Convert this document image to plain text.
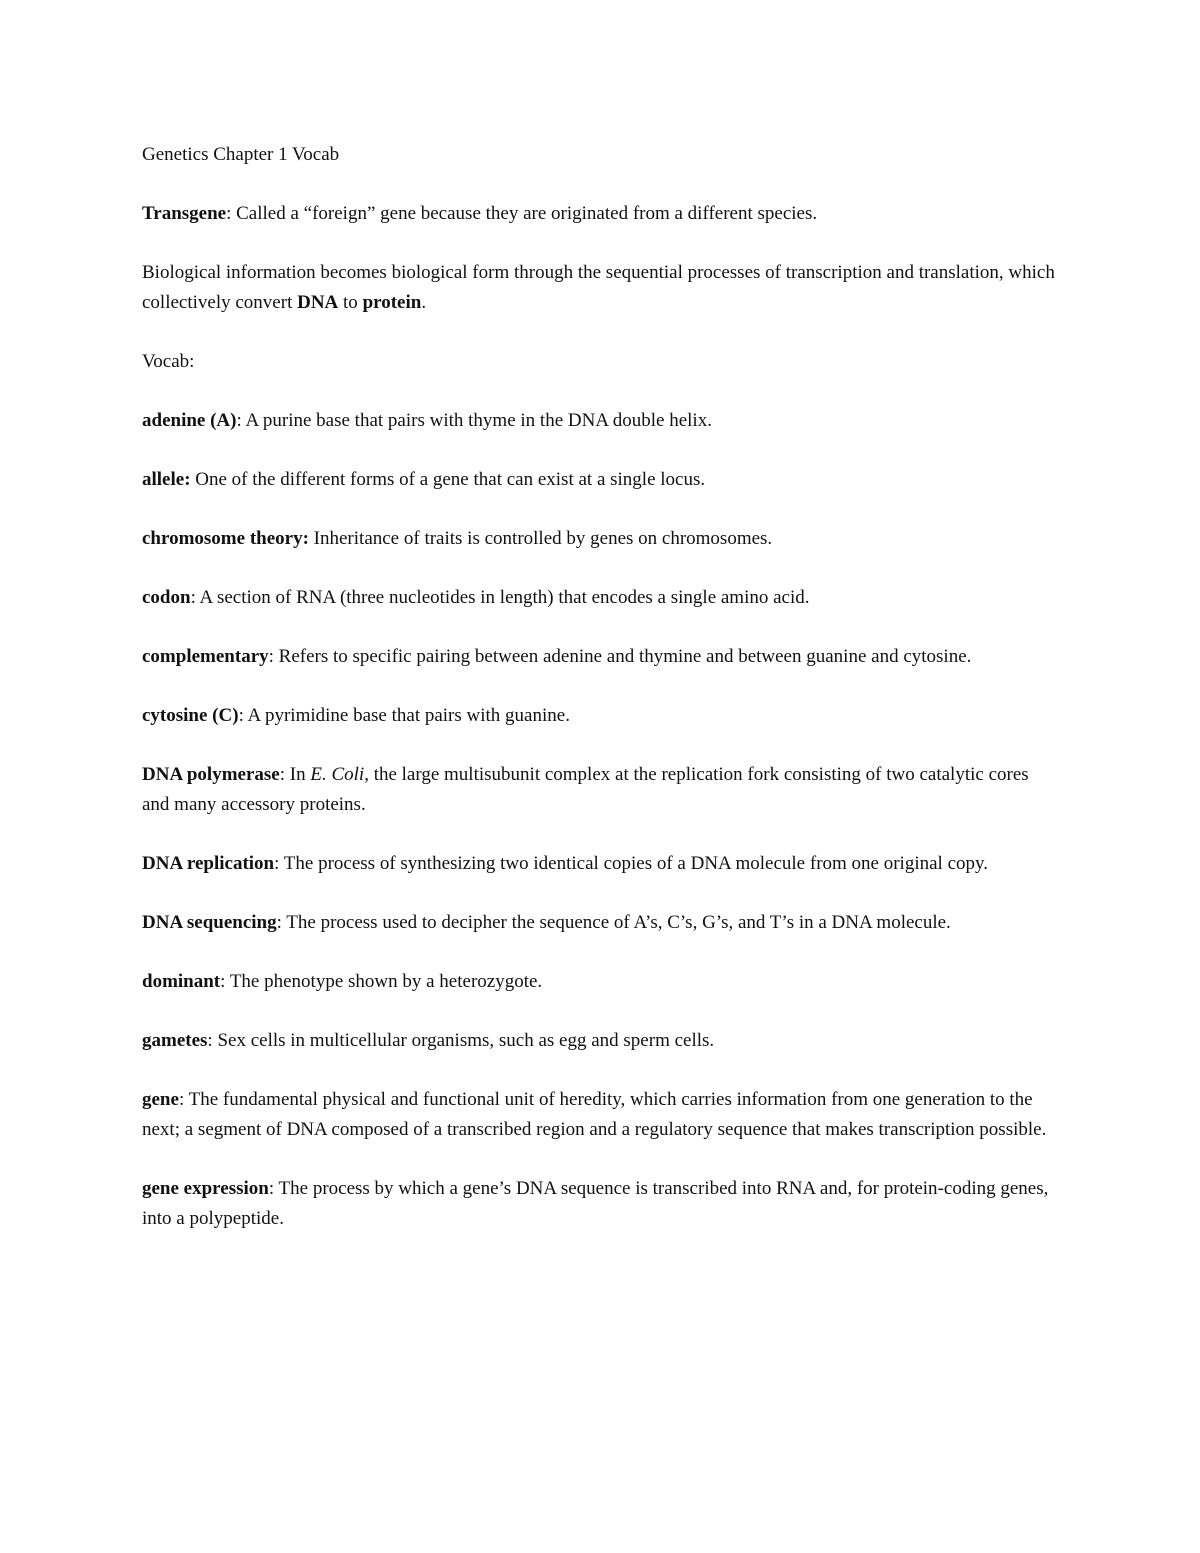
Genetics Chapter 1 Vocab

Transgene: Called a “foreign” gene because they are originated from a different species.

Biological information becomes biological form through the sequential processes of transcription and translation, which collectively convert DNA to protein.

Vocab:

adenine (A): A purine base that pairs with thyme in the DNA double helix.

allele: One of the different forms of a gene that can exist at a single locus.

chromosome theory: Inheritance of traits is controlled by genes on chromosomes.

codon: A section of RNA (three nucleotides in length) that encodes a single amino acid.

complementary: Refers to specific pairing between adenine and thymine and between guanine and cytosine.

cytosine (C): A pyrimidine base that pairs with guanine.

DNA polymerase: In E. Coli, the large multisubunit complex at the replication fork consisting of two catalytic cores and many accessory proteins.

DNA replication: The process of synthesizing two identical copies of a DNA molecule from one original copy.

DNA sequencing: The process used to decipher the sequence of A’s, C’s, G’s, and T’s in a DNA molecule.

dominant: The phenotype shown by a heterozygote.

gametes: Sex cells in multicellular organisms, such as egg and sperm cells.

gene: The fundamental physical and functional unit of heredity, which carries information from one generation to the next; a segment of DNA composed of a transcribed region and a regulatory sequence that makes transcription possible.

gene expression: The process by which a gene’s DNA sequence is transcribed into RNA and, for protein-coding genes, into a polypeptide.
